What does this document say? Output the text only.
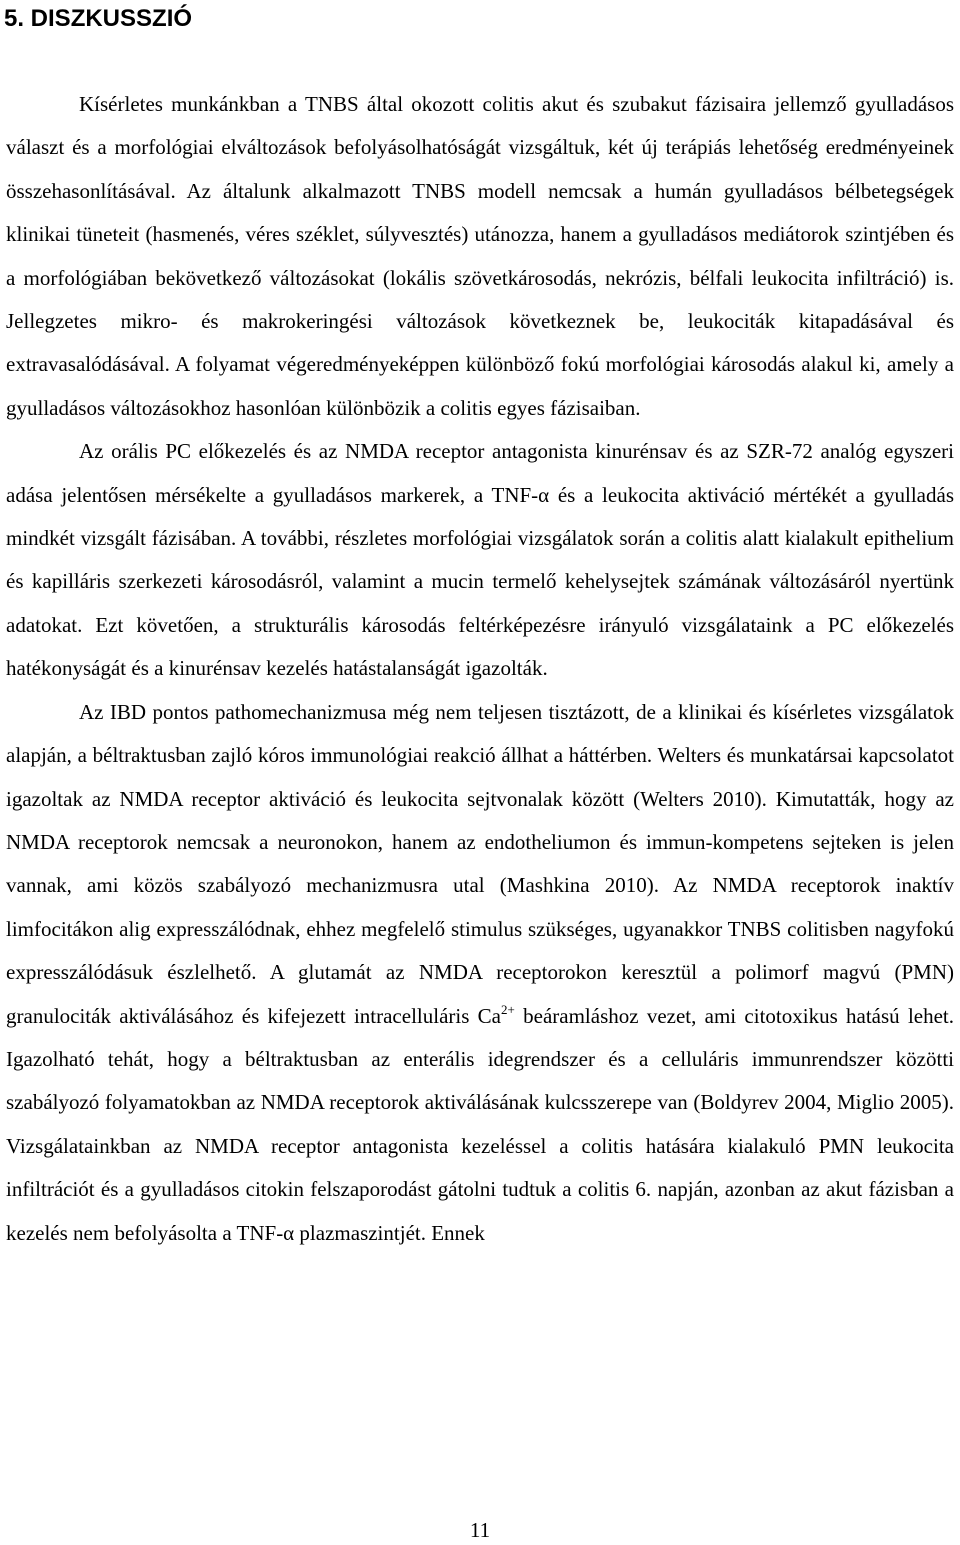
5. DISZKUSSZIÓ

Kísérletes munkánkban a TNBS által okozott colitis akut és szubakut fázisaira jellemző gyulladásos választ és a morfológiai elváltozások befolyásolhatóságát vizsgáltuk, két új terápiás lehetőség eredményeinek összehasonlításával. Az általunk alkalmazott TNBS modell nemcsak a humán gyulladásos bélbetegségek klinikai tüneteit (hasmenés, véres széklet, súlyvesztés) utánozza, hanem a gyulladásos mediátorok szintjében és a morfológiában bekövetkező változásokat (lokális szövetkárosodás, nekrózis, bélfali leukocita infiltráció) is. Jellegzetes mikro- és makrokeringési változások következnek be, leukociták kitapadásával és extravasalódásával. A folyamat végeredményeképpen különböző fokú morfológiai károsodás alakul ki, amely a gyulladásos változásokhoz hasonlóan különbözik a colitis egyes fázisaiban.

Az orális PC előkezelés és az NMDA receptor antagonista kinurénsav és az SZR-72 analóg egyszeri adása jelentősen mérsékelte a gyulladásos markerek, a TNF-α és a leukocita aktiváció mértékét a gyulladás mindkét vizsgált fázisában. A további, részletes morfológiai vizsgálatok során a colitis alatt kialakult epithelium és kapilláris szerkezeti károsodásról, valamint a mucin termelő kehelysejtek számának változásáról nyertünk adatokat. Ezt követően, a strukturális károsodás feltérképezésre irányuló vizsgálataink a PC előkezelés hatékonyságát és a kinurénsav kezelés hatástalanságát igazolták.

Az IBD pontos pathomechanizmusa még nem teljesen tisztázott, de a klinikai és kísérletes vizsgálatok alapján, a béltraktusban zajló kóros immunológiai reakció állhat a háttérben. Welters és munkatársai kapcsolatot igazoltak az NMDA receptor aktiváció és leukocita sejtvonalak között (Welters 2010). Kimutatták, hogy az NMDA receptorok nemcsak a neuronokon, hanem az endotheliumon és immun-kompetens sejteken is jelen vannak, ami közös szabályozó mechanizmusra utal (Mashkina 2010). Az NMDA receptorok inaktív limfocitákon alig expresszálódnak, ehhez megfelelő stimulus szükséges, ugyanakkor TNBS colitisben nagyfokú expresszálódásuk észlelhető. A glutamát az NMDA receptorokon keresztül a polimorf magvú (PMN) granulociták aktiválásához és kifejezett intracelluláris $Ca^{2+}$ beáramláshoz vezet, ami citotoxikus hatású lehet. Igazolható tehát, hogy a béltraktusban az enterális idegrendszer és a celluláris immunrendszer közötti szabályozó folyamatokban az NMDA receptorok aktiválásának kulcsszerepe van (Boldyrev 2004, Miglio 2005). Vizsgálatainkban az NMDA receptor antagonista kezeléssel a colitis hatására kialakuló PMN leukocita infiltrációt és a gyulladásos citokin felszaporodást gátolni tudtuk a colitis 6. napján, azonban az akut fázisban a kezelés nem befolyásolta a TNF-α plazmaszintjét. Ennek

11
